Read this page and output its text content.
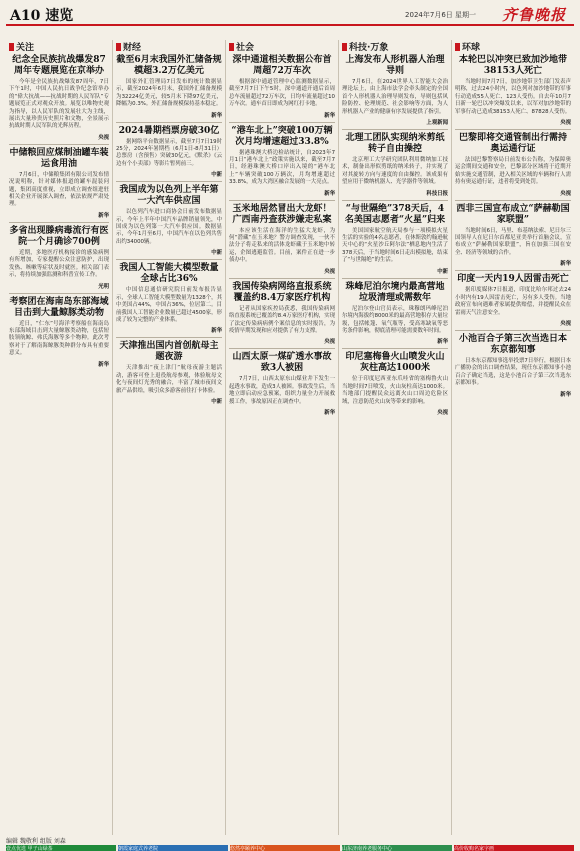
A10 速览	2024年7月6日 星期一 齐鲁晚报
关注
纪念全民族抗战爆发87周年专题展览在京举办
今年是全民族抗战爆发87周年，7日下午1时，中国人民抗日战争纪念馆举办的“偉大抗战——抗战时期的人民军队”专题展览正式对观众开放。展览以唯物史观为指导，以人民军队的发展壮大为主线，展出大量珍贵历史照片和文物，全景展示抗战时期人民军队的光辉历程。
央视
中储粮回应煤制油罐车装运食用油
7月6日，中储粮集团有限公司发布情况说明称，针对媒体报道的罐车混装问题，集团高度重视，立即成立调查组进驻相关企业开展深入调查，依法依规严肃处理。
新华
多省出现滕病毒流行有医院一个月确诊700例
近期，多地医疗机构接诊的感染病例有所增加，专家提醒公众注意防护，出现发热、咳嗽等症状及时就医。相关部门表示，将持续加强监测和科普宣传工作。
光明
考察团在海南岛东部海域目击到大量鲸豚类动物
近日，“仁东”号海洋考察船在海南岛东部海域目击到大量鲸豚类动物，包括短肢领航鲸、弗氏海豚等多个物种。此次考察对于了解南海鲸豚类种群分布具有重要意义。
新华
财经
截至6月末我国外汇储备规模超3.2万亿美元
国家外汇管理局7日发布的统计数据显示，截至2024年6月末，我国外汇储备规模为32224亿美元，较5月末下降97亿美元，降幅为0.3%。外汇储备规模保持基本稳定。
新华
2024暑期档票房破30亿
据网络平台数据显示，截至7月7日19时25分，2024年暑期档（6月1日-8月31日）总票房（含预售）突破30亿元，《默杀》《云边有个小卖部》等影片暂列前三。
中新
我国成为以色列上半年第一大汽车供应国
以色列汽车进口商协会日前发布数据显示，今年上半年中国汽车品牌销量领先，中国成为以色列第一大汽车供应国。数据显示，今年1月至6月，中国汽车在以色列共售出约34000辆。
中新
我国人工智能大模型数量全球占比36%
中国信息通信研究院日前发布报告显示，全球人工智能大模型数量为1328个，其中美国占44%，中国占36%，位居第二。目前我国人工智能企业数量已超过4500家，形成了较为完整的产业体系。
新华
天津推出国内首创航母主题夜游
天津推出“夜上津门”航母夜游主题活动，游客可登上退役航母参观，体验航母文化与夜间灯光秀的融合，丰富了城市夜间文旅产品供给，吸引众多游客前往打卡体验。
中新
社会
深中通道相关数据公布首周超72万车次
根据深中通道管理中心监测数据显示，截至7月7日下午5时，深中通道开通后首周总车流量超过72万车次，日均车流量超过10万车次。通车首日即成为网红打卡地。
新华
“港车北上”突破100万辆次月均增速超过33.8%
据港珠澳大桥边检站统计，自2023年7月1日“港车北上”政策实施以来，截至7月7日，经港珠澳大桥口岸出入境的“港车北上”车辆突破100万辆次，月均增速超过33.8%，成为大湾区融合发展的一大亮点。
新华
玉米地居然冒出大龙虾！广西南丹查获涉嫌走私案
本应该生活在海洋的生猛大龙虾，为何“潜藏”在玉米地？警方调查发现，一伙不法分子将走私来的活体龙虾藏于玉米地中转运，企图逃避监管。目前，案件正在进一步侦办中。
央视
我国传染病网络直报系统覆盖约8.4万家医疗机构
记者从国家疾控局获悉，我国传染病网络直报系统已覆盖约8.4万家医疗机构，实现了法定传染病病例个案信息的实时报告，为疫情早期发现和应对提供了有力支撑。
央视
山西太原一煤矿透水事故致3人被困
7月7日，山西太原东山煤业井下发生一起透水事故，造成3人被困。事故发生后，当地立即启动应急预案，组织力量全力开展救援工作，事故原因正在调查中。
新华
科技·万象
上海发布人形机器人治理导则
7月6日，在2024世界人工智能大会治理论坛上，由上海市法学会牵头制定的全国首个人形机器人治理导则发布，导则包括风险防控、伦理规范、社会影响等方面，为人形机器人产业的健康有序发展提供了指引。
上观新闻
北理工团队实现纳米剪纸转子自由操控
北京理工大学研究团队利用微纳加工技术，制备出形似剪纸的纳米转子，并实现了对其旋转方向与速度的自由操控。该成果有望应用于微纳机器人、光学器件等领域。
科技日报
“与世隔绝”378天后，4名美国志愿者“火星”归来
美国国家航空航天局参与一项模拟火星生活的实验的4名志愿者，在休斯敦约翰逊航天中心的“火星沙丘阿尔法”栖息地内生活了378天后，于当地时间6日走出模拟舱，结束了“与世隔绝”的生活。
中新
珠峰尼泊尔境内最高营地垃圾清理或需数年
尼泊尔登山官员表示，珠穆朗玛峰尼泊尔境内海拔约8000米的最高营地积存大量垃圾，包括帐篷、氧气瓶等，受高寒缺氧等恶劣条件影响，彻底清理可能需要数年时间。
新华
印尼塞梅鲁火山喷发火山灰柱高达1000米
位于印度尼西亚东爪哇省的塞梅鲁火山当地时间7日喷发，火山灰柱高达1000米。当地部门提醒民众远离火山口周边危险区域，注意防范火山灰等带来的影响。
央视
环球
本轮巴以冲突已致加沙地带38153人死亡
当地时间7月7日，加沙地带卫生部门发表声明称，过去24小时内，以色列对加沙地带的军事行动造成55人死亡、123人受伤。自去年10月7日新一轮巴以冲突爆发以来，以军对加沙地带的军事行动已造成38153人死亡、87828人受伤。
央视
巴黎即将交通管制出行需持奥运通行证
法国巴黎警察局日前发布公告称，为保障奥运会期间交通和安全，巴黎部分区域将于近期开始实施交通管制，进入相关区域的车辆和行人需持有奥运通行证，违者将受到处罚。
央视
西非三国宣布成立“萨赫勒国家联盟”
当地时间6日，马里、布基纳法索、尼日尔三国领导人在尼日尔首都尼亚美举行首脑会议，宣布成立“萨赫勒国家联盟”，旨在加强三国在安全、经济等领域的合作。
新华
印度一天内19人因雷击死亡
据印度媒体7日报道，印度比哈尔邦过去24小时内有19人因雷击死亡，另有多人受伤。当地政府宣布向遇难者家属提供赔偿，并提醒民众在雷雨天气注意安全。
央视
小池百合子第三次当选日本东京都知事
日本东京都知事选举投票7日举行，根据日本广播协会的出口调查结果，现任东京都知事小池百合子确定当选，这是小池百合子第三次当选东京都知事。
新华
编辑 魏敬利 组版 刘森
壹点优选 甲子山绿茶	朝霞家庭式养老院	悠然亭颐养中心	山东济南养老服务中心	高价收购名家字画
